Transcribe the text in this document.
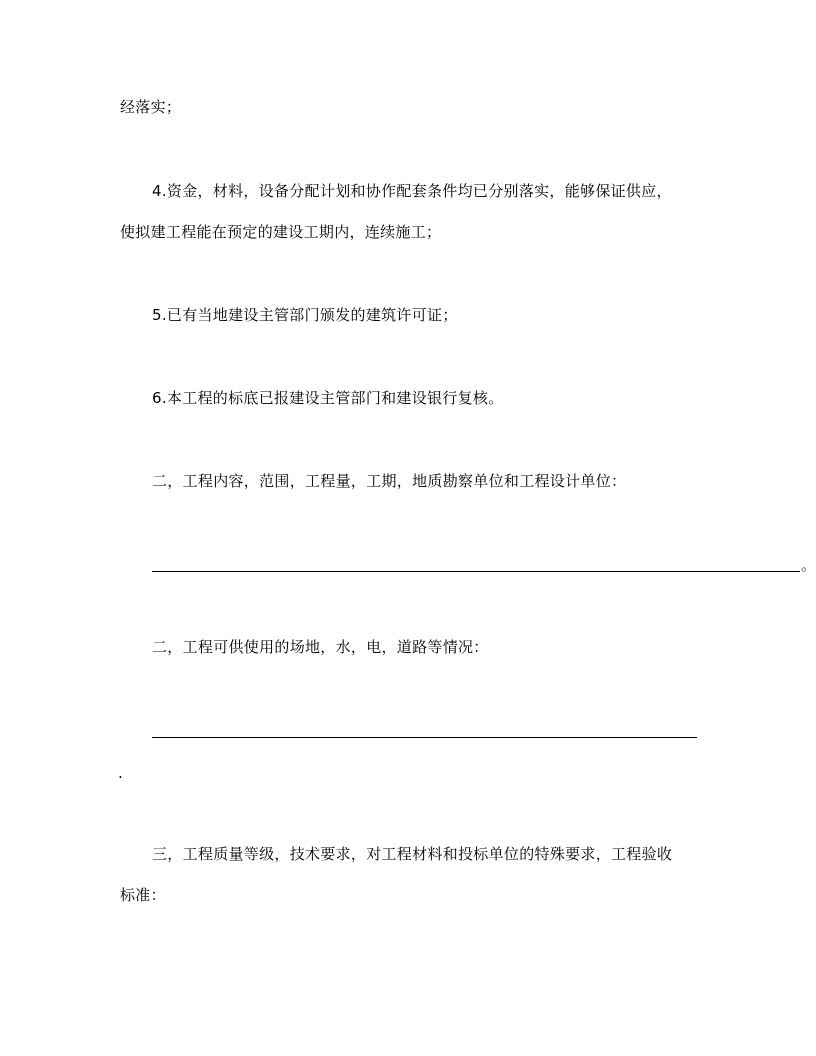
经落实；
4.资金，材料，设备分配计划和协作配套条件均已分别落实，能够保证供应，
使拟建工程能在预定的建设工期内，连续施工；
5.已有当地建设主管部门颁发的建筑许可证；
6.本工程的标底已报建设主管部门和建设银行复核。
二，工程内容，范围，工程量，工期，地质勘察单位和工程设计单位：
。
二，工程可供使用的场地，水，电，道路等情况：
.
三，工程质量等级，技术要求，对工程材料和投标单位的特殊要求，工程验收
标准：
